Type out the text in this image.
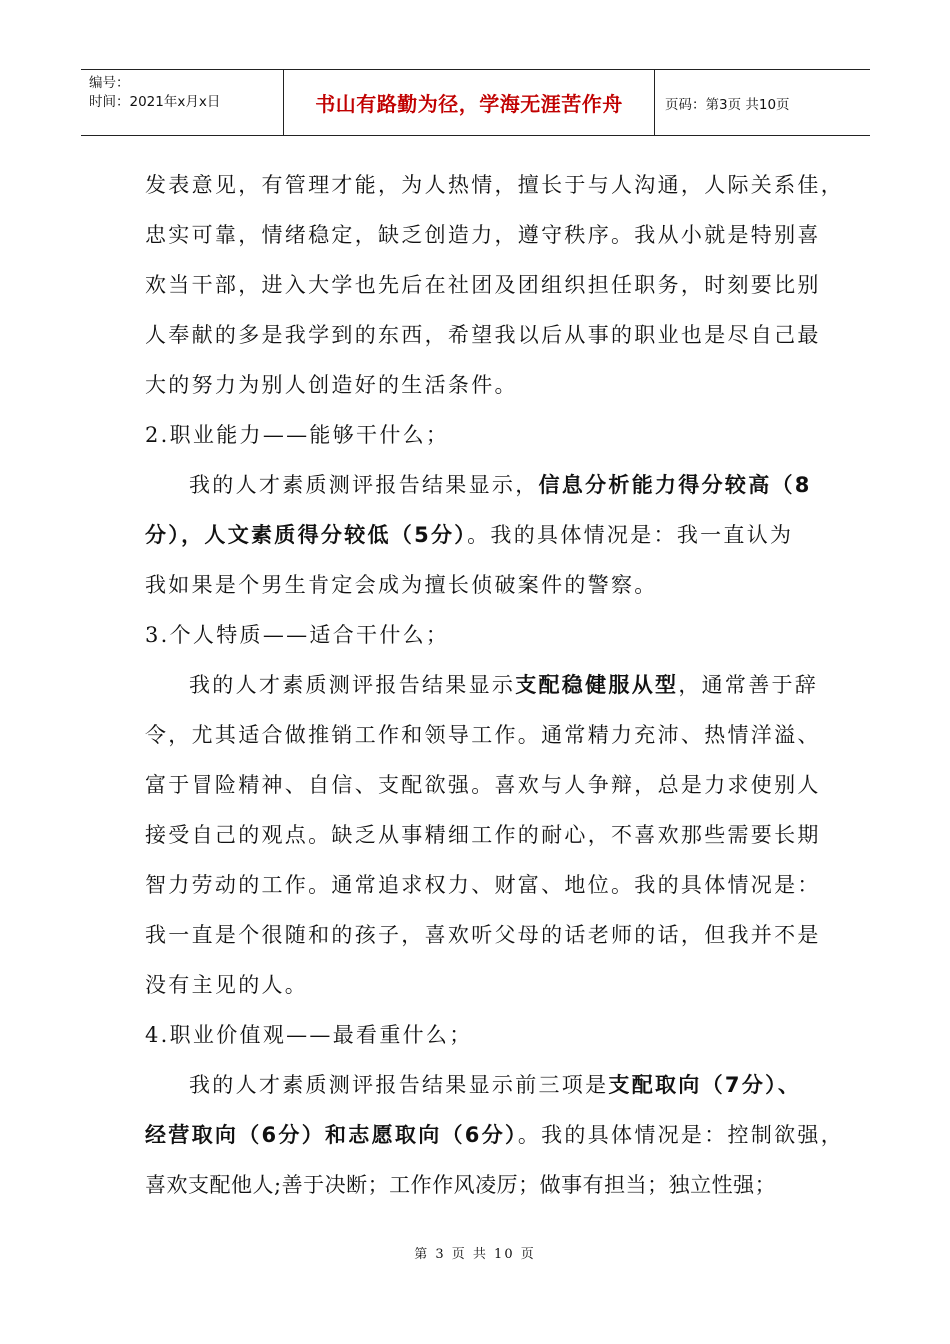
编号：
时间：2021年x月x日	书山有路勤为径，学海无涯苦作舟	页码：第3页 共10页
发表意见，有管理才能，为人热情，擅长于与人沟通，人际关系佳，
忠实可靠，情绪稳定，缺乏创造力，遵守秩序。我从小就是特别喜
欢当干部，进入大学也先后在社团及团组织担任职务，时刻要比别
人奉献的多是我学到的东西，希望我以后从事的职业也是尽自己最
大的努力为别人创造好的生活条件。
2.职业能力——能够干什么；
我的人才素质测评报告结果显示，信息分析能力得分较高（8
分），人文素质得分较低（5分）。我的具体情况是：我一直认为
我如果是个男生肯定会成为擅长侦破案件的警察。
3.个人特质——适合干什么；
我的人才素质测评报告结果显示支配稳健服从型，通常善于辞
令，尤其适合做推销工作和领导工作。通常精力充沛、热情洋溢、
富于冒险精神、自信、支配欲强。喜欢与人争辩，总是力求使别人
接受自己的观点。缺乏从事精细工作的耐心，不喜欢那些需要长期
智力劳动的工作。通常追求权力、财富、地位。我的具体情况是：
我一直是个很随和的孩子，喜欢听父母的话老师的话，但我并不是
没有主见的人。
4.职业价值观——最看重什么；
我的人才素质测评报告结果显示前三项是支配取向（7分）、
经营取向（6分）和志愿取向（6分）。我的具体情况是：控制欲强，
喜欢支配他人;善于决断；工作作风凌厉；做事有担当；独立性强；
第 3 页 共 10 页
